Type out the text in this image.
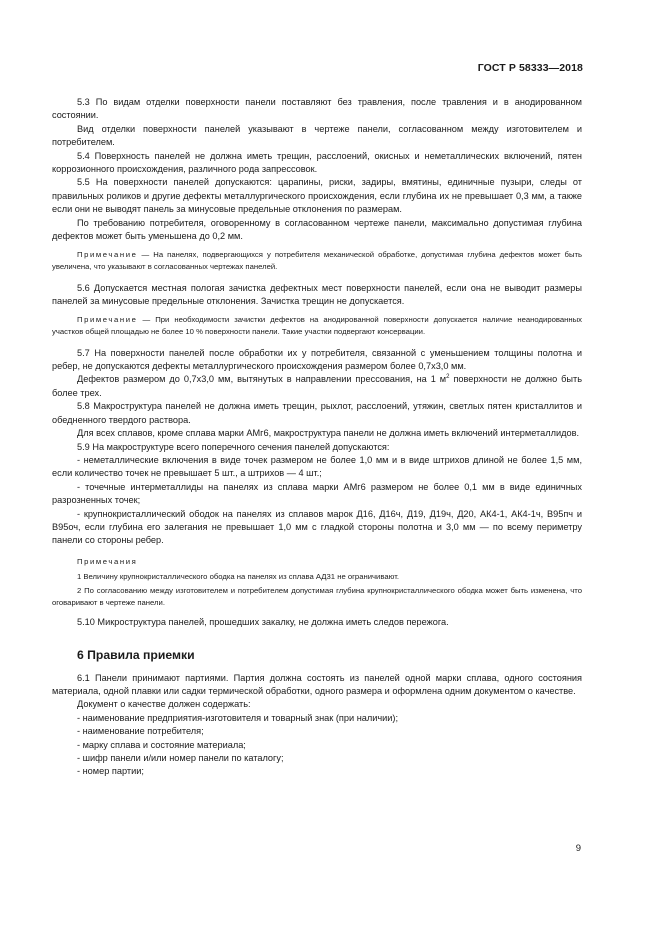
ГОСТ Р 58333—2018

5.3 По видам отделки поверхности панели поставляют без травления, после травления и в анодированном состоянии.

Вид отделки поверхности панелей указывают в чертеже панели, согласованном между изготовителем и потребителем.

5.4 Поверхность панелей не должна иметь трещин, расслоений, окисных и неметаллических включений, пятен коррозионного происхождения, различного рода запрессовок.

5.5 На поверхности панелей допускаются: царапины, риски, задиры, вмятины, единичные пузыри, следы от правильных роликов и другие дефекты металлургического происхождения, если глубина их не превышает 0,3 мм, а также если они не выводят панель за минусовые предельные отклонения по размерам.

По требованию потребителя, оговоренному в согласованном чертеже панели, максимально допустимая глубина дефектов может быть уменьшена до 0,2 мм.

Примечание — На панелях, подвергающихся у потребителя механической обработке, допустимая глубина дефектов может быть увеличена, что указывают в согласованных чертежах панелей.

5.6 Допускается местная пологая зачистка дефектных мест поверхности панелей, если она не выводит размеры панелей за минусовые предельные отклонения. Зачистка трещин не допускается.

Примечание — При необходимости зачистки дефектов на анодированной поверхности допускается наличие неанодированных участков общей площадью не более 10 % поверхности панели. Такие участки подвергают консервации.

5.7 На поверхности панелей после обработки их у потребителя, связанной с уменьшением толщины полотна и ребер, не допускаются дефекты металлургического происхождения размером более 0,7х3,0 мм.

Дефектов размером до 0,7х3,0 мм, вытянутых в направлении прессования, на 1 $м^2$ поверхности не должно быть более трех.

5.8 Макроструктура панелей не должна иметь трещин, рыхлот, расслоений, утяжин, светлых пятен кристаллитов и обедненного твердого раствора.

Для всех сплавов, кроме сплава марки АМг6, макроструктура панели не должна иметь включений интерметаллидов.

5.9 На макроструктуре всего поперечного сечения панелей допускаются:

- неметаллические включения в виде точек размером не более 1,0 мм и в виде штрихов длиной не более 1,5 мм, если количество точек не превышает 5 шт., а штрихов — 4 шт.;

- точечные интерметаллиды на панелях из сплава марки АМг6 размером не более 0,1 мм в виде единичных разрозненных точек;

- крупнокристаллический ободок на панелях из сплавов марок Д16, Д16ч, Д19, Д19ч, Д20, АК4-1, АК4-1ч, В95пч и В95оч, если глубина его залегания не превышает 1,0 мм с гладкой стороны полотна и 3,0 мм — по всему периметру панели со стороны ребер.

Примечания

1 Величину крупнокристаллического ободка на панелях из сплава АД31 не ограничивают.

2 По согласованию между изготовителем и потребителем допустимая глубина крупнокристаллического ободка может быть изменена, что оговаривают в чертеже панели.

5.10 Микроструктура панелей, прошедших закалку, не должна иметь следов пережога.

6 Правила приемки

6.1 Панели принимают партиями. Партия должна состоять из панелей одной марки сплава, одного состояния материала, одной плавки или садки термической обработки, одного размера и оформлена одним документом о качестве.

Документ о качестве должен содержать:

- наименование предприятия-изготовителя и товарный знак (при наличии);

- наименование потребителя;

- марку сплава и состояние материала;

- шифр панели и/или номер панели по каталогу;

- номер партии;

9
